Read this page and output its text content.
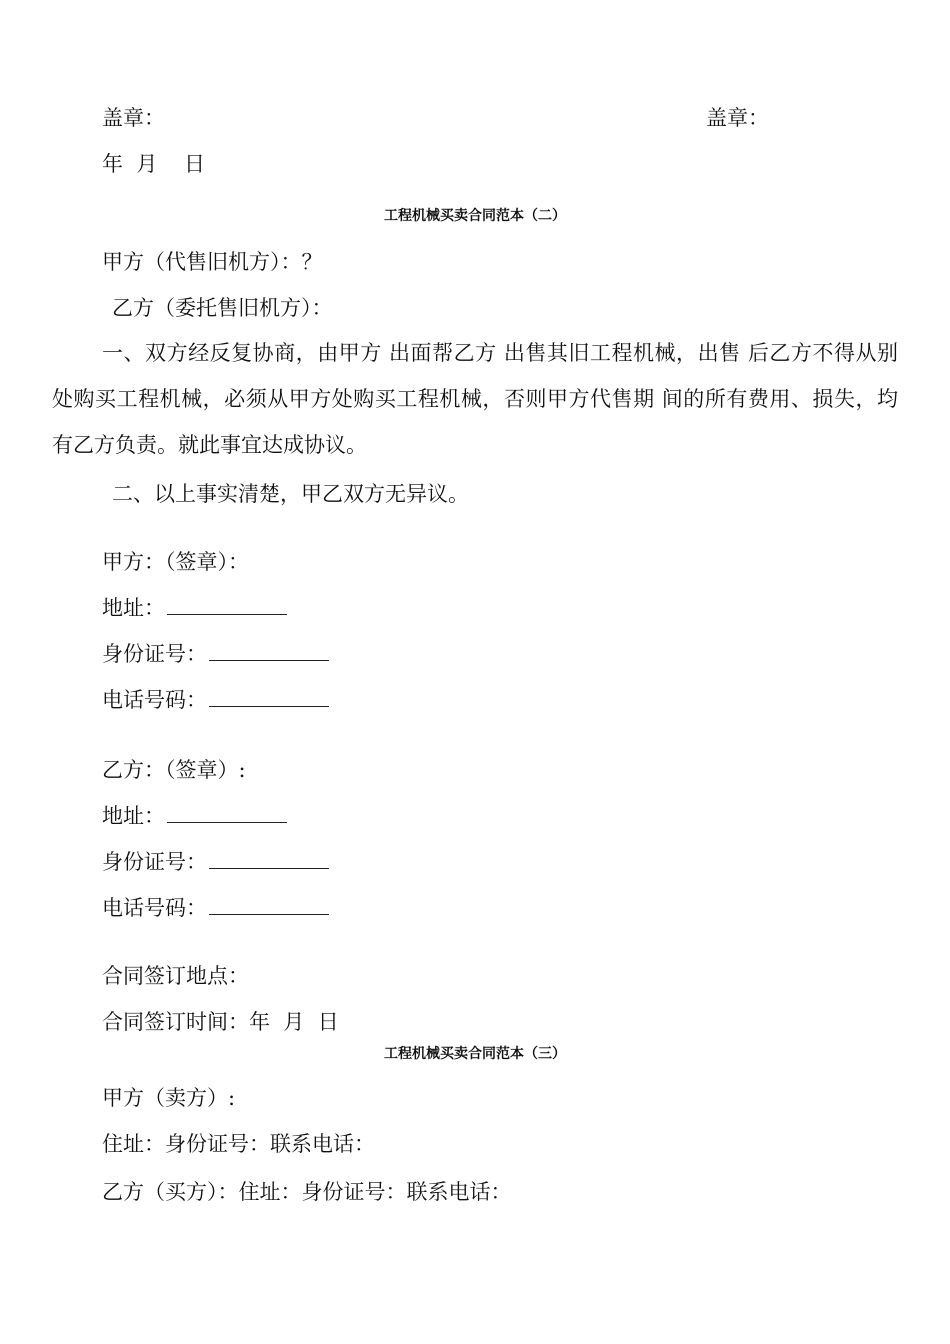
盖章：	盖章：
年  月    日
工程机械买卖合同范本（二）
甲方（代售旧机方）：？
乙方（委托售旧机方）：
一、双方经反复协商，由甲方 出面帮乙方 出售其旧工程机械，出售 后乙方不得从别处购买工程机械，必须从甲方处购买工程机械，否则甲方代售期 间的所有费用、损失，均有乙方负责。就此事宜达成协议。
二、以上事实清楚，甲乙双方无异议。
甲方：（签章）：
地址：
身份证号：
电话号码：
乙方：（签章）:
地址：
身份证号：
电话号码：
合同签订地点：
合同签订时间：年  月  日
工程机械买卖合同范本（三）
甲方（卖方）:
住址：身份证号：联系电话：
乙方（买方）：住址：身份证号：联系电话：
